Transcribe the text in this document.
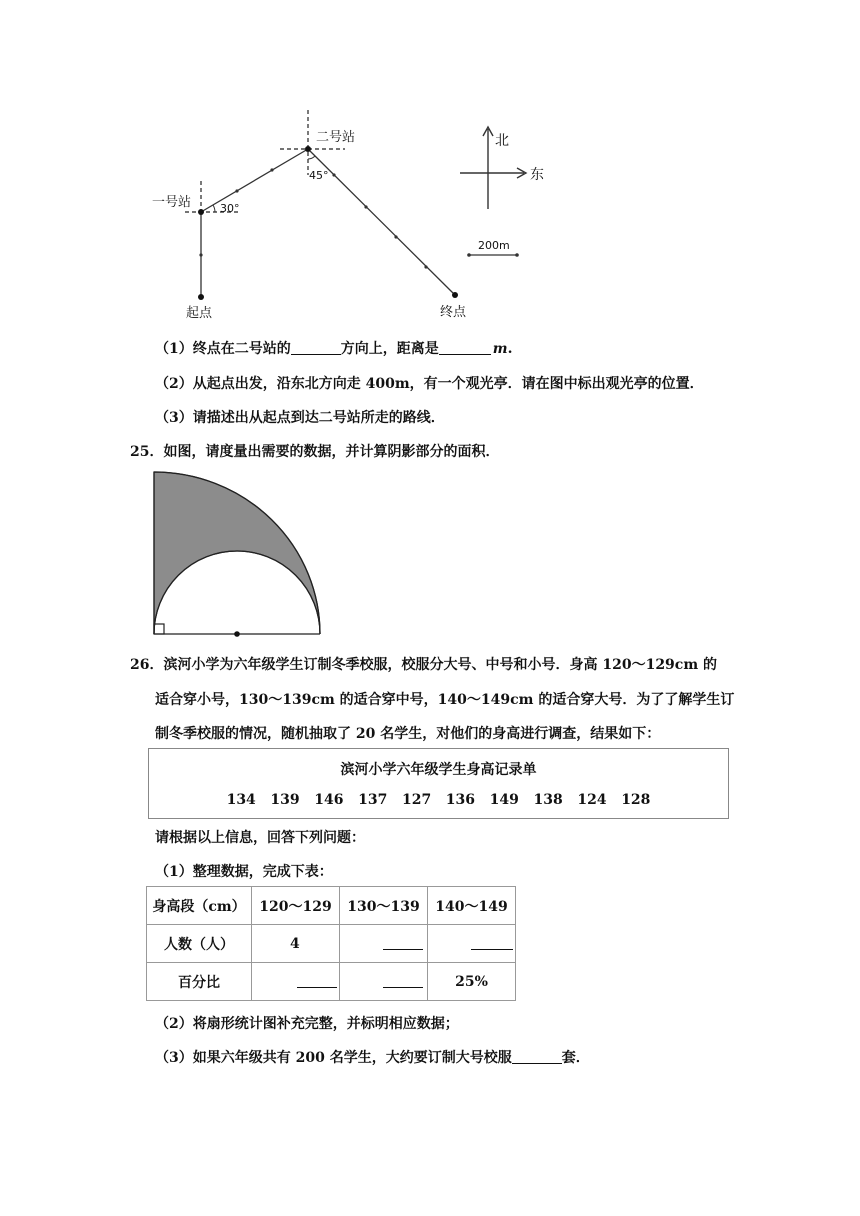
二号站
一号站
起点	终点
45°
30°
北
东
200m
（1）终点在二号站的	方向上，距离是	m.
（2）从起点出发，沿东北方向走 400m，有一个观光亭．请在图中标出观光亭的位置．
（3）请描述出从起点到达二号站所走的路线．
25．如图，请度量出需要的数据，并计算阴影部分的面积．
26．滨河小学为六年级学生订制冬季校服，校服分大号、中号和小号．身高 120～129cm 的
适合穿小号，130～139cm 的适合穿中号，140～149cm 的适合穿大号．为了了解学生订
制冬季校服的情况，随机抽取了 20 名学生，对他们的身高进行调查，结果如下：
滨河小学六年级学生身高记录单
134   139   146   137   127   136   149   138   124   128
请根据以上信息，回答下列问题：
（1）整理数据，完成下表：
身高段（cm）	120～129	130～139	140～149
人数（人）	4		
百分比			25%
（2）将扇形统计图补充完整，并标明相应数据；
（3）如果六年级共有 200 名学生，大约要订制大号校服	套．
